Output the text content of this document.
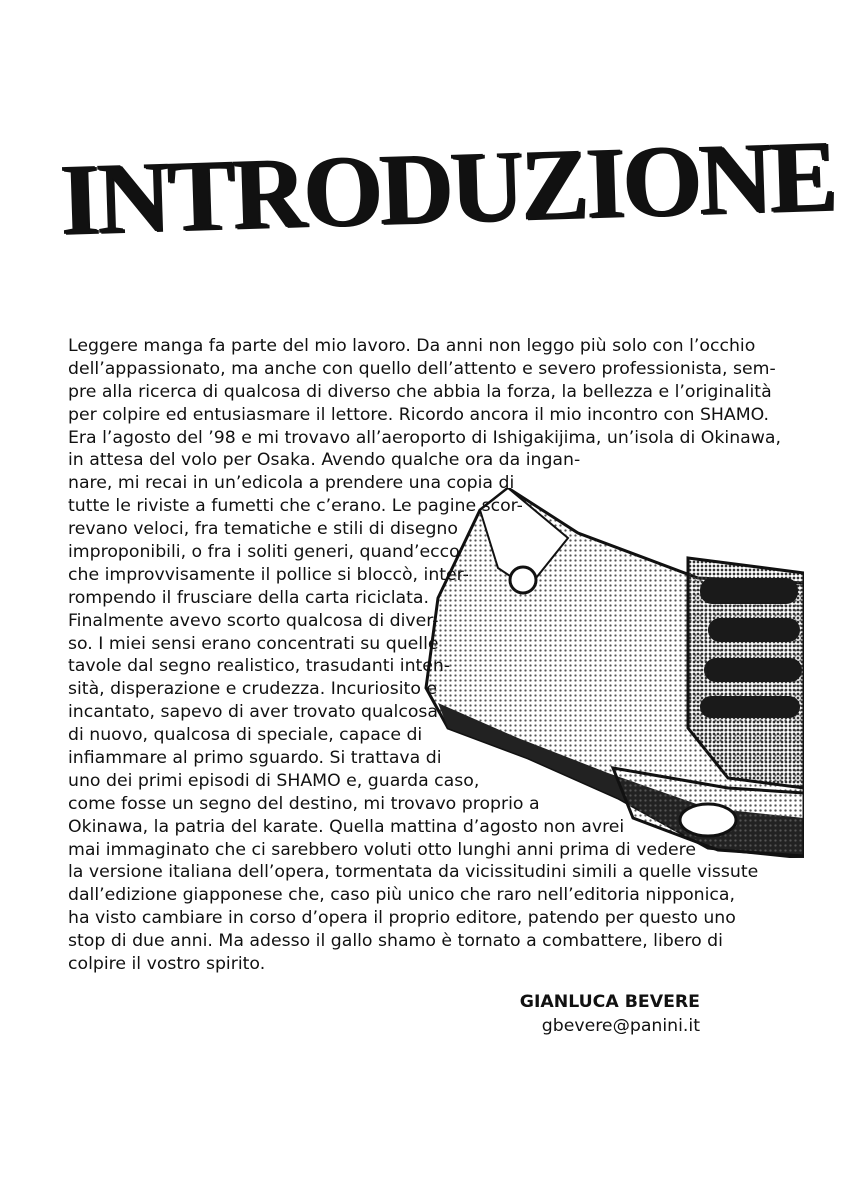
INTRODUZIONE
Leggere manga fa parte del mio lavoro. Da anni non leggo più solo con l’occhio
dell’appassionato, ma anche con quello dell’attento e severo professionista, sem-
pre alla ricerca di qualcosa di diverso che abbia la forza, la bellezza e l’originalità
per colpire ed entusiasmare il lettore. Ricordo ancora il mio incontro con SHAMO.
Era l’agosto del ’98 e mi trovavo all’aeroporto di Ishigakijima, un’isola di Okinawa,
in attesa del volo per Osaka. Avendo qualche ora da ingan-
nare, mi recai in un’edicola a prendere una copia di
tutte le riviste a fumetti che c’erano. Le pagine scor-
revano veloci, fra tematiche e stili di disegno
improponibili, o fra i soliti generi, quand’ecco
che improvvisamente il pollice si bloccò, inter-
rompendo il frusciare della carta riciclata.
Finalmente avevo scorto qualcosa di diver-
so. I miei sensi erano concentrati su quelle
tavole dal segno realistico, trasudanti inten-
sità, disperazione e crudezza. Incuriosito e
incantato, sapevo di aver trovato qualcosa
di nuovo, qualcosa di speciale, capace di
infiammare al primo sguardo. Si trattava di
uno dei primi episodi di SHAMO e, guarda caso,
come fosse un segno del destino, mi trovavo proprio a
Okinawa, la patria del karate. Quella mattina d’agosto non avrei
mai immaginato che ci sarebbero voluti otto lunghi anni prima di vedere
la versione italiana dell’opera, tormentata da vicissitudini simili a quelle vissute
dall’edizione giapponese che, caso più unico che raro nell’editoria nipponica,
ha visto cambiare in corso d’opera il proprio editore, patendo per questo uno
stop di due anni. Ma adesso il gallo shamo è tornato a combattere, libero di
colpire il vostro spirito.
GIANLUCA BEVERE
gbevere@panini.it
